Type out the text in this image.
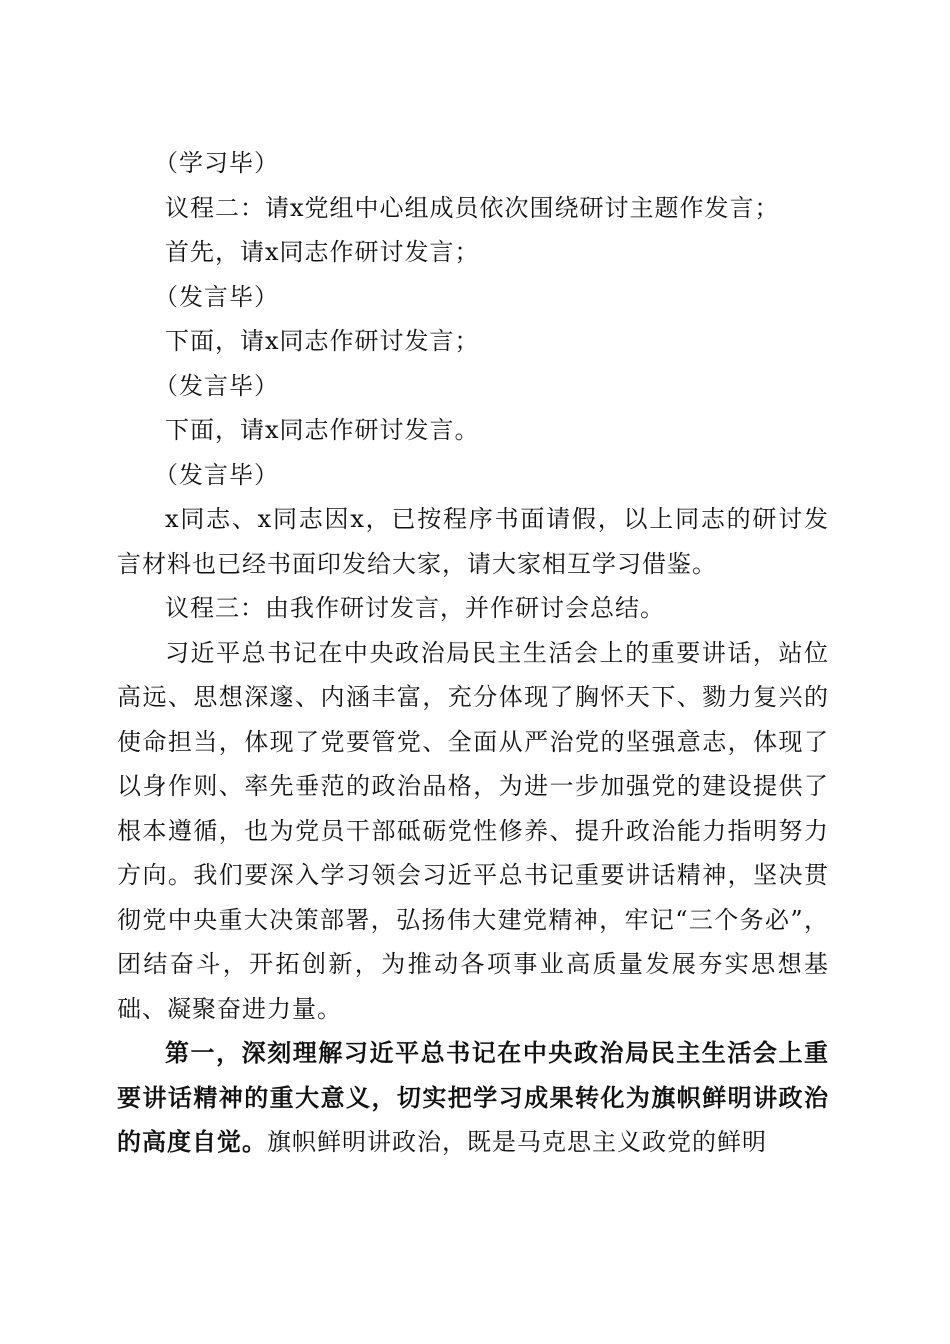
（学习毕）

议程二：请x党组中心组成员依次围绕研讨主题作发言；

首先，请x同志作研讨发言；

（发言毕）

下面，请x同志作研讨发言；

（发言毕）

下面，请x同志作研讨发言。

（发言毕）

x同志、x同志因x，已按程序书面请假，以上同志的研讨发言材料也已经书面印发给大家，请大家相互学习借鉴。

议程三：由我作研讨发言，并作研讨会总结。

习近平总书记在中央政治局民主生活会上的重要讲话，站位高远、思想深邃、内涵丰富，充分体现了胸怀天下、勠力复兴的使命担当，体现了党要管党、全面从严治党的坚强意志，体现了以身作则、率先垂范的政治品格，为进一步加强党的建设提供了根本遵循，也为党员干部砥砺党性修养、提升政治能力指明努力方向。我们要深入学习领会习近平总书记重要讲话精神，坚决贯彻党中央重大决策部署，弘扬伟大建党精神，牢记“三个务必”，团结奋斗，开拓创新，为推动各项事业高质量发展夯实思想基础、凝聚奋进力量。

第一，深刻理解习近平总书记在中央政治局民主生活会上重要讲话精神的重大意义，切实把学习成果转化为旗帜鲜明讲政治的高度自觉。旗帜鲜明讲政治，既是马克思主义政党的鲜明
